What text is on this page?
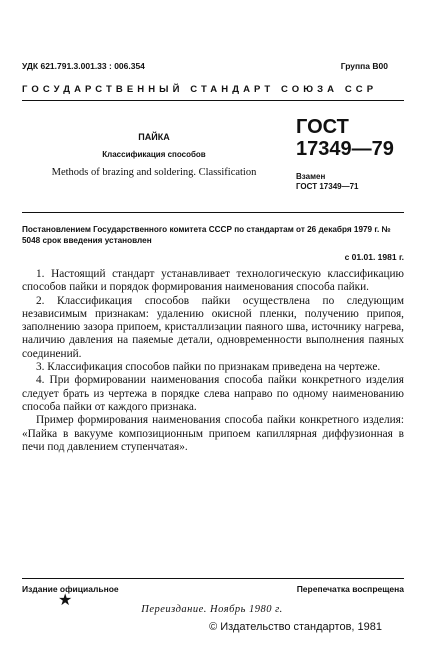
УДК 621.791.3.001.33 : 006.354	Группа В00
ГОСУДАРСТВЕННЫЙ СТАНДАРТ СОЮЗА ССР
ПАЙКА
Классификация способов
Methods of brazing and soldering. Classification
ГОСТ
17349—79
Взамен
ГОСТ 17349—71
Постановлением Государственного комитета СССР по стандартам от 26 декабря 1979 г. № 5048 срок введения установлен
с 01.01. 1981 г.

1. Настоящий стандарт устанавливает технологическую классификацию способов пайки и порядок формирования наименования способа пайки.

2. Классификация способов пайки осуществлена по следующим независимым признакам: удалению окисной пленки, получению припоя, заполнению зазора припоем, кристаллизации паяного шва, источнику нагрева, наличию давления на паяемые детали, одновременности выполнения паяных соединений.

3. Классификация способов пайки по признакам приведена на чертеже.

4. При формировании наименования способа пайки конкретного изделия следует брать из чертежа в порядке слева направо по одному наименованию способа пайки от каждого признака.

Пример формирования наименования способа пайки конкретного изделия: «Пайка в вакууме композиционным припоем капиллярная диффузионная в печи под давлением ступенчатая».

Издание официальное	Перепечатка воспрещена
★
Переиздание. Ноябрь 1980 г.
© Издательство стандартов, 1981
